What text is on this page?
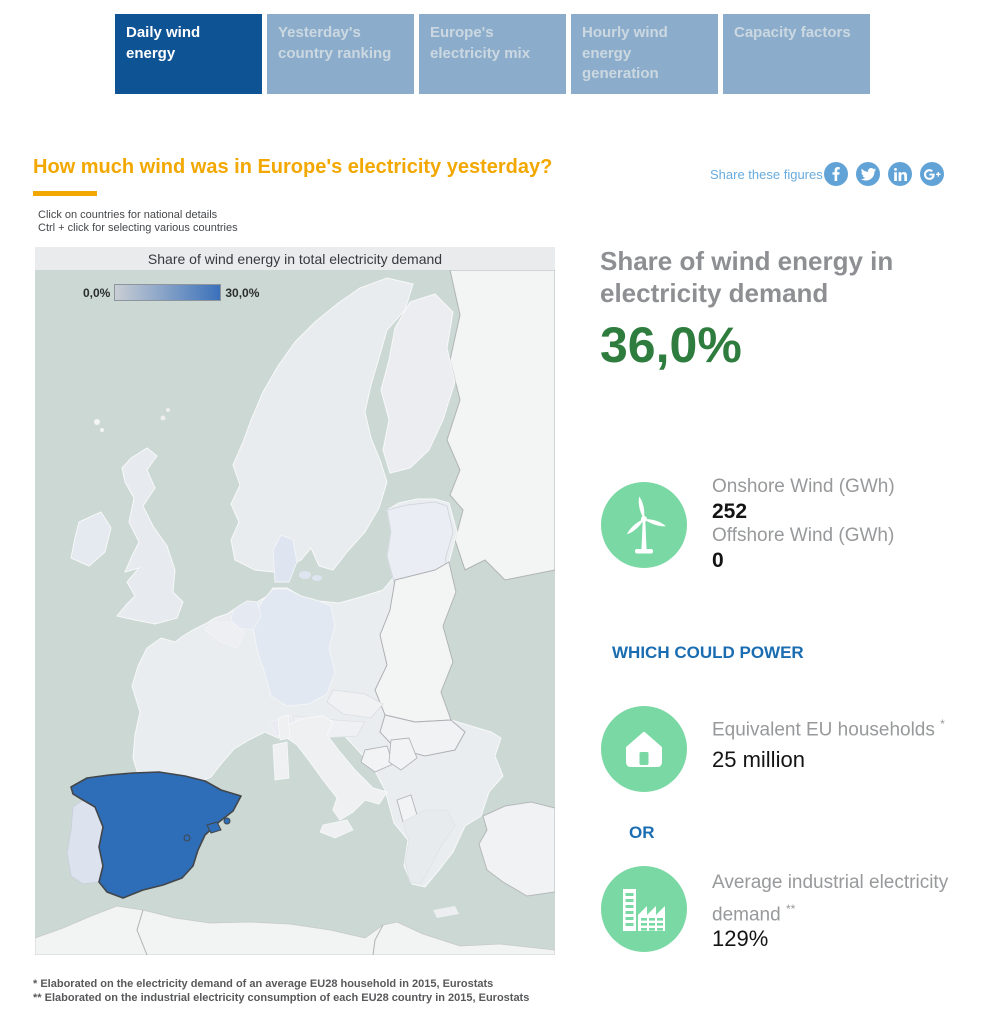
Daily wind energy
Yesterday's country ranking
Europe's electricity mix
Hourly wind energy generation
Capacity factors
How much wind was in Europe's electricity yesterday?	Share these figures
Click on countries for national details
Ctrl + click for selecting various countries
Share of wind energy in total electricity demand
0,0%	30,0%
Share of wind energy in electricity demand
36,0%
Onshore Wind (GWh)
252
Offshore Wind (GWh)
0
WHICH COULD POWER
Equivalent EU households *
25 million
OR
Average industrial electricity demand **
129%
* Elaborated on the electricity demand of an average EU28 household in 2015, Eurostats
** Elaborated on the industrial electricity consumption of each EU28 country in 2015, Eurostats
